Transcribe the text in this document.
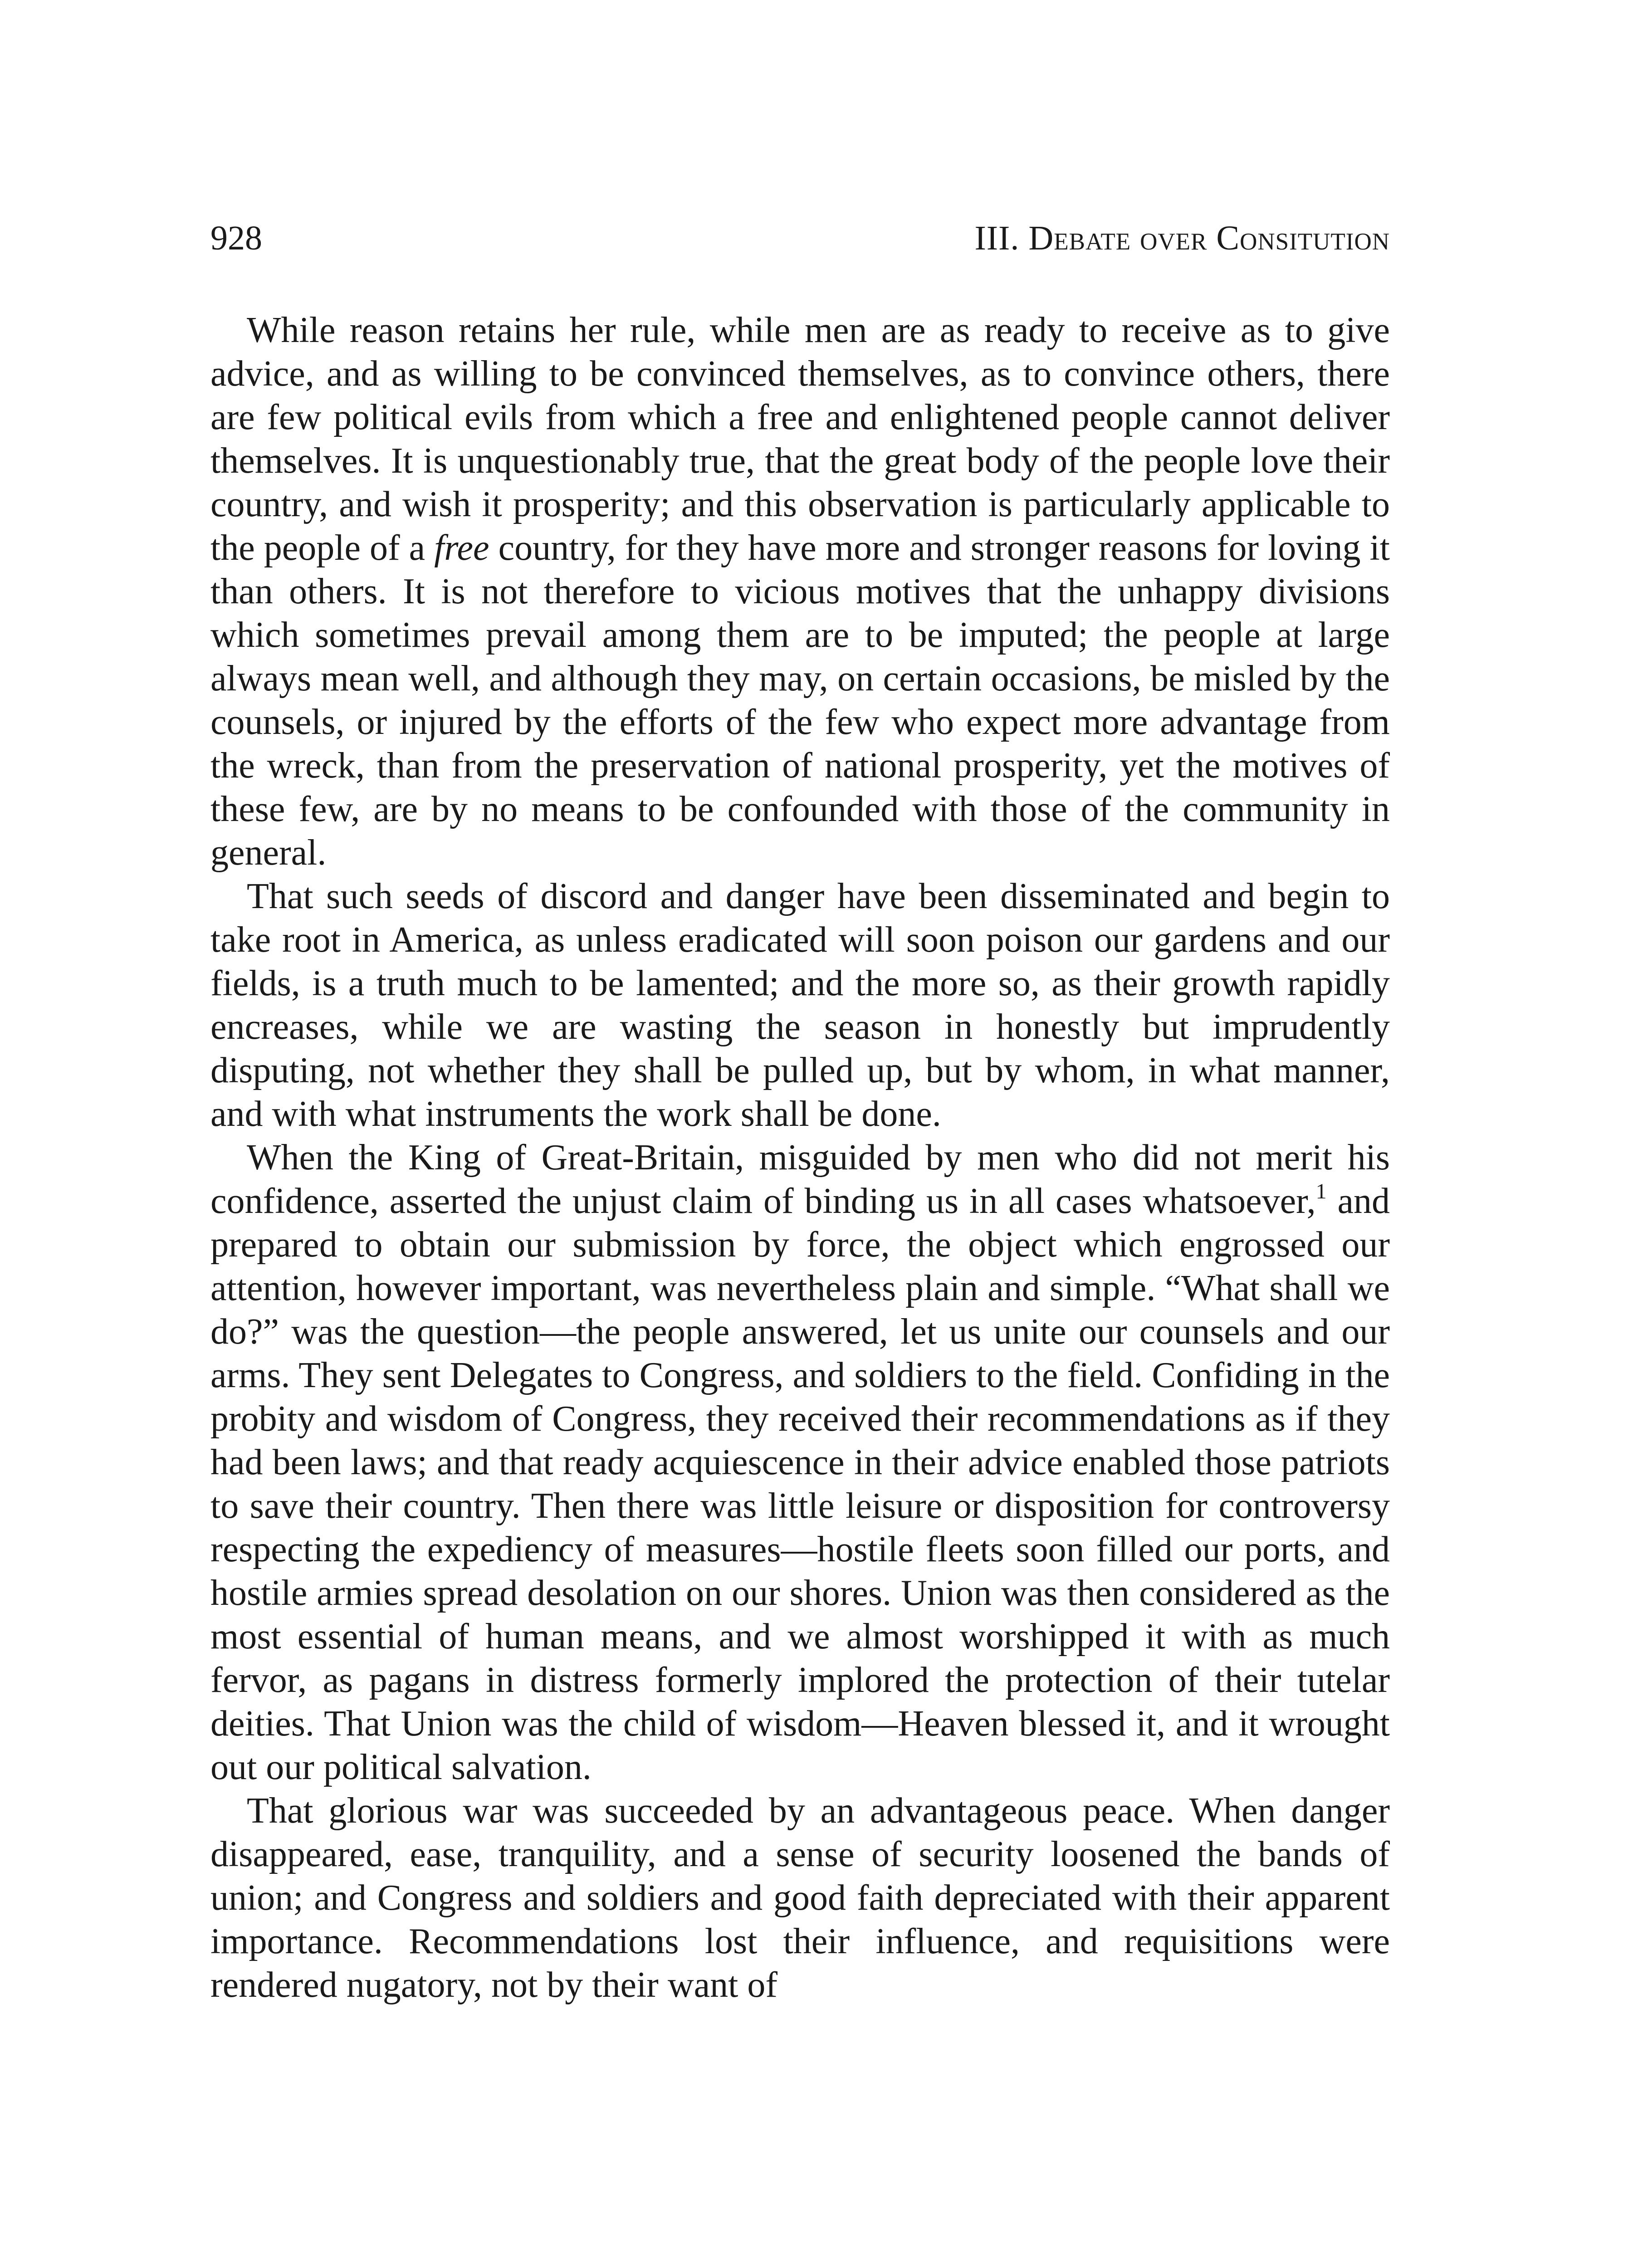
928	III. Debate over Consitution

While reason retains her rule, while men are as ready to receive as to give advice, and as willing to be convinced themselves, as to convince others, there are few political evils from which a free and enlightened people cannot deliver themselves. It is unquestionably true, that the great body of the people love their country, and wish it prosperity; and this observation is particularly applicable to the people of a free country, for they have more and stronger reasons for loving it than others. It is not therefore to vicious motives that the unhappy divisions which sometimes prevail among them are to be imputed; the people at large always mean well, and although they may, on certain occasions, be misled by the counsels, or injured by the efforts of the few who expect more advantage from the wreck, than from the preservation of national prosperity, yet the motives of these few, are by no means to be confounded with those of the community in general.

That such seeds of discord and danger have been disseminated and begin to take root in America, as unless eradicated will soon poison our gardens and our fields, is a truth much to be lamented; and the more so, as their growth rapidly encreases, while we are wasting the season in honestly but imprudently disputing, not whether they shall be pulled up, but by whom, in what manner, and with what instruments the work shall be done.

When the King of Great-Britain, misguided by men who did not merit his confidence, asserted the unjust claim of binding us in all cases whatsoever,$^1$ and prepared to obtain our submission by force, the object which engrossed our attention, however important, was nevertheless plain and simple. “What shall we do?” was the question—the people answered, let us unite our counsels and our arms. They sent Delegates to Congress, and soldiers to the field. Confiding in the probity and wisdom of Congress, they received their recommendations as if they had been laws; and that ready acquiescence in their advice enabled those patriots to save their country. Then there was little leisure or disposition for controversy respecting the expediency of measures—hostile fleets soon filled our ports, and hostile armies spread desolation on our shores. Union was then considered as the most essential of human means, and we almost worshipped it with as much fervor, as pagans in distress formerly implored the protection of their tutelar deities. That Union was the child of wisdom—Heaven blessed it, and it wrought out our political salvation.

That glorious war was succeeded by an advantageous peace. When danger disappeared, ease, tranquility, and a sense of security loosened the bands of union; and Congress and soldiers and good faith depreciated with their apparent importance. Recommendations lost their influence, and requisitions were rendered nugatory, not by their want of
